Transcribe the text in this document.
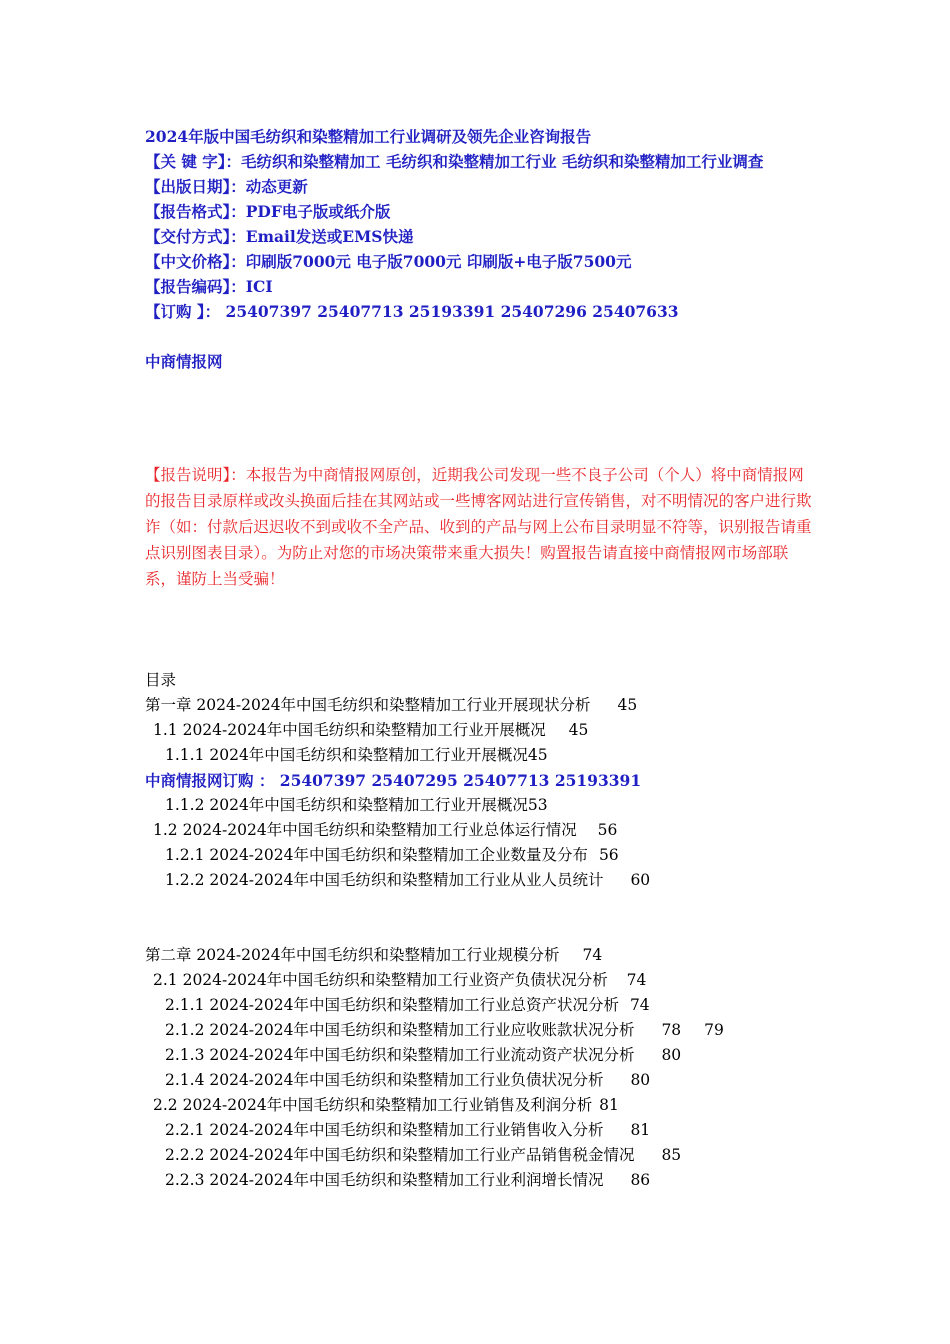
2024年版中国毛纺织和染整精加工行业调研及领先企业咨询报告
【关 键 字】：毛纺织和染整精加工 毛纺织和染整精加工行业 毛纺织和染整精加工行业调查
【出版日期】：动态更新
【报告格式】：PDF电子版或纸介版
【交付方式】：Email发送或EMS快递
【中文价格】：印刷版7000元 电子版7000元 印刷版+电子版7500元
【报告编码】：ICI
【订购 】： 25407397 25407713 25193391 25407296 25407633
中商情报网
【报告说明】：本报告为中商情报网原创，近期我公司发现一些不良子公司（个人）将中商情报网的报告目录原样或改头换面后挂在其网站或一些博客网站进行宣传销售，对不明情况的客户进行欺诈（如：付款后迟迟收不到或收不全产品、收到的产品与网上公布目录明显不符等，识别报告请重点识别图表目录）。为防止对您的市场决策带来重大损失！购置报告请直接中商情报网市场部联系，谨防上当受骗！
目录
第一章 2024-2024年中国毛纺织和染整精加工行业开展现状分析 45
1.1 2024-2024年中国毛纺织和染整精加工行业开展概况 45
1.1.1 2024年中国毛纺织和染整精加工行业开展概况45
中商情报网订购 ： 25407397 25407295 25407713 25193391
1.1.2 2024年中国毛纺织和染整精加工行业开展概况53
1.2 2024-2024年中国毛纺织和染整精加工行业总体运行情况 56
1.2.1 2024-2024年中国毛纺织和染整精加工企业数量及分布 56
1.2.2 2024-2024年中国毛纺织和染整精加工行业从业人员统计 60
第二章 2024-2024年中国毛纺织和染整精加工行业规模分析 74
2.1 2024-2024年中国毛纺织和染整精加工行业资产负债状况分析 74
2.1.1 2024-2024年中国毛纺织和染整精加工行业总资产状况分析 74
2.1.2 2024-2024年中国毛纺织和染整精加工行业应收账款状况分析 78 79
2.1.3 2024-2024年中国毛纺织和染整精加工行业流动资产状况分析 80
2.1.4 2024-2024年中国毛纺织和染整精加工行业负债状况分析 80
2.2 2024-2024年中国毛纺织和染整精加工行业销售及利润分析 81
2.2.1 2024-2024年中国毛纺织和染整精加工行业销售收入分析 81
2.2.2 2024-2024年中国毛纺织和染整精加工行业产品销售税金情况 85
2.2.3 2024-2024年中国毛纺织和染整精加工行业利润增长情况 86
